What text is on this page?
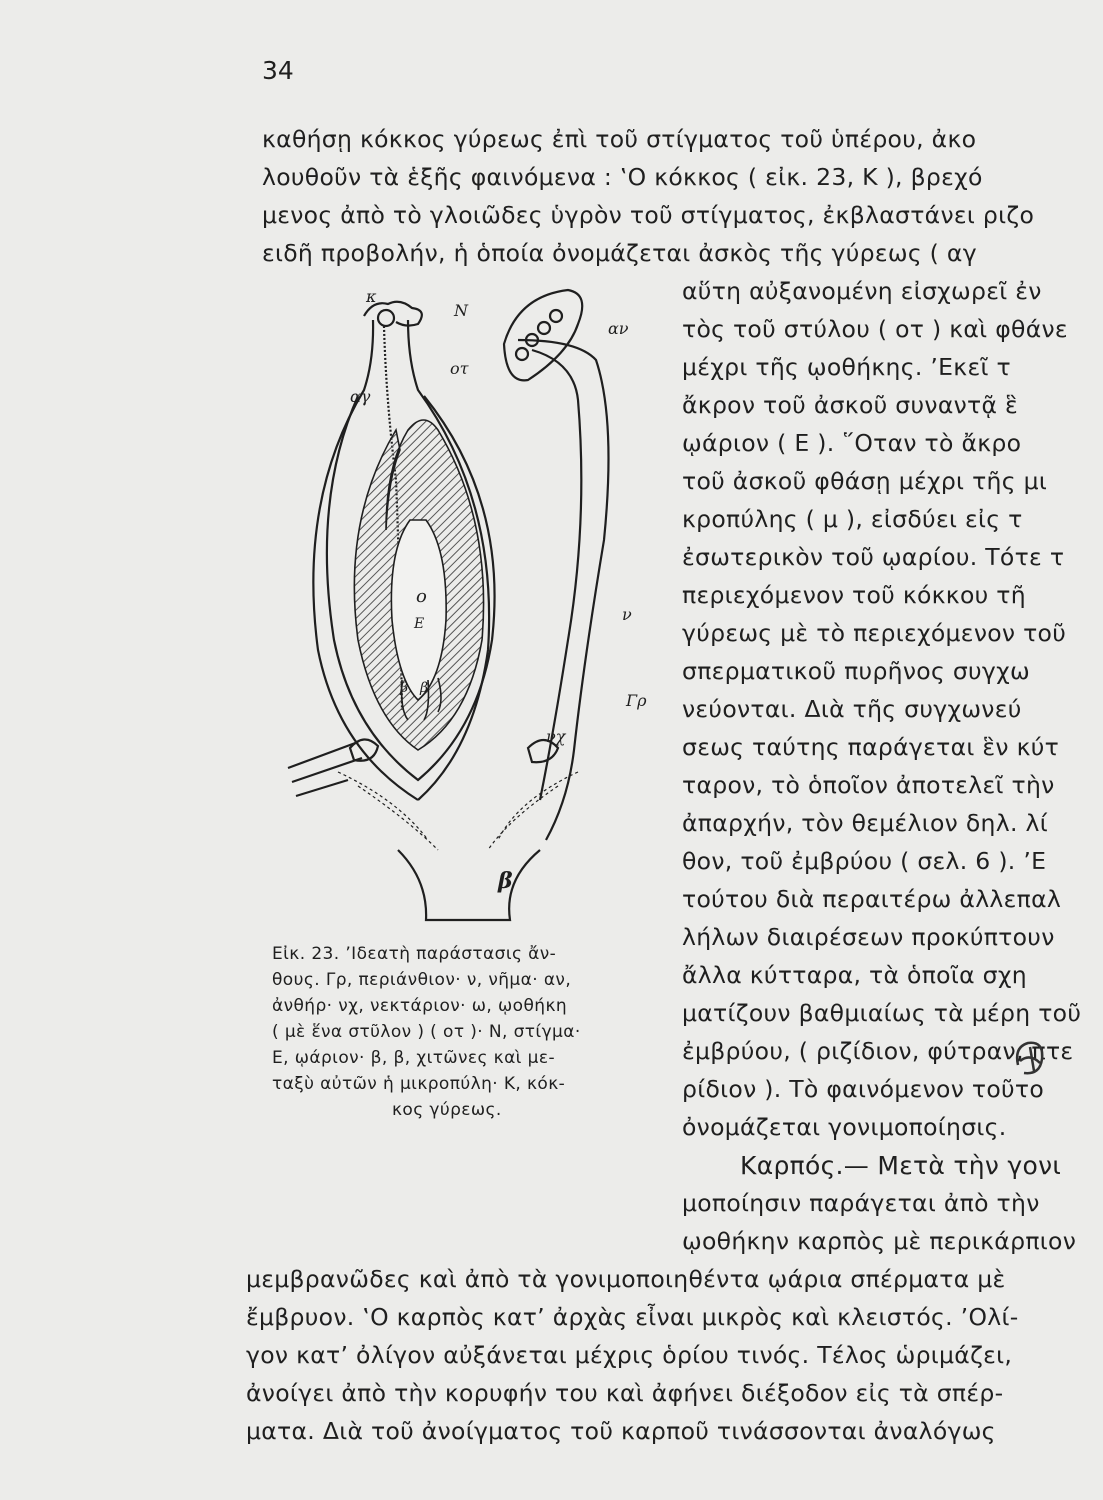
34
καθήσῃ κόκκος γύρεως ἐπὶ τοῦ στίγματος τοῦ ὑπέρου, ἀκο
λουθοῦν τὰ ἑξῆς φαινόμενα : ‛Ο κόκκος ( εἰκ. 23, Κ ), βρεχό
μενος ἀπὸ τὸ γλοιῶδες ὑγρὸν τοῦ στίγματος, ἐκβλαστάνει ριζο
ειδῆ προβολήν, ἡ ὁποία ὀνομάζεται ἀσκὸς τῆς γύρεως ( αγ
κ
Ν
οτ
αγ
αν
ο
Ε
β β
ν
Γρ
νχ
β
Εἰκ. 23. ’Ιδεατὴ παράστασις ἄν-
θους. Γρ, περιάνθιον· ν, νῆμα· αν,
ἀνθήρ· νχ, νεκτάριον· ω, ῳοθήκη
( μὲ ἕνα στῦλον ) ( οτ )· Ν, στίγμα·
Ε, ῳάριον· β, β, χιτῶνες καὶ με-
ταξὺ αὐτῶν ἡ μικροπύλη· Κ, κόκ-
κος γύρεως.
αὕτη αὐξανομένη εἰσχωρεῖ ἐν
τὸς τοῦ στύλου ( οτ ) καὶ φθάνε
μέχρι τῆς ῳοθήκης. ’Εκεῖ τ
ἄκρον τοῦ ἀσκοῦ συναντᾷ ἓ
ῳάριον ( Ε ). ῞Οταν τὸ ἄκρο
τοῦ ἀσκοῦ φθάσῃ μέχρι τῆς μι
κροπύλης ( μ ), εἰσδύει εἰς τ
ἐσωτερικὸν τοῦ ῳαρίου. Τότε τ
περιεχόμενον τοῦ κόκκου τῆ
γύρεως μὲ τὸ περιεχόμενον τοῦ
σπερματικοῦ πυρῆνος συγχω
νεύονται. Διὰ τῆς συγχωνεύ
σεως ταύτης παράγεται ἓν κύτ
ταρον, τὸ ὁποῖον ἀποτελεῖ τὴν
ἀπαρχήν, τὸν θεμέλιον δηλ. λί
θον, τοῦ ἐμβρύου ( σελ. 6 ). ’Ε
τούτου διὰ περαιτέρω ἀλλεπαλ
λήλων διαιρέσεων προκύπτουν
ἄλλα κύτταρα, τὰ ὁποῖα σχη
ματίζουν βαθμιαίως τὰ μέρη τοῦ
ἐμβρύου, ( ριζίδιον, φύτραν, πτε
ρίδιον ). Τὸ φαινόμενον τοῦτο
ὀνομάζεται γονιμοποίησις.
Καρπός.— Μετὰ τὴν γονι
μοποίησιν παράγεται ἀπὸ τὴν
ῳοθήκην καρπὸς μὲ περικάρπιον
μεμβρανῶδες καὶ ἀπὸ τὰ γονιμοποιηθέντα ῳάρια σπέρματα μὲ
ἔμβρυον. ‛Ο καρπὸς κατ’ ἀρχὰς εἶναι μικρὸς καὶ κλειστός. ’Ολί-
γον κατ’ ὀλίγον αὐξάνεται μέχρις ὁρίου τινός. Τέλος ὡριμάζει,
ἀνοίγει ἀπὸ τὴν κορυφήν του καὶ ἀφήνει διέξοδον εἰς τὰ σπέρ-
ματα. Διὰ τοῦ ἀνοίγματος τοῦ καρποῦ τινάσσονται ἀναλόγως
